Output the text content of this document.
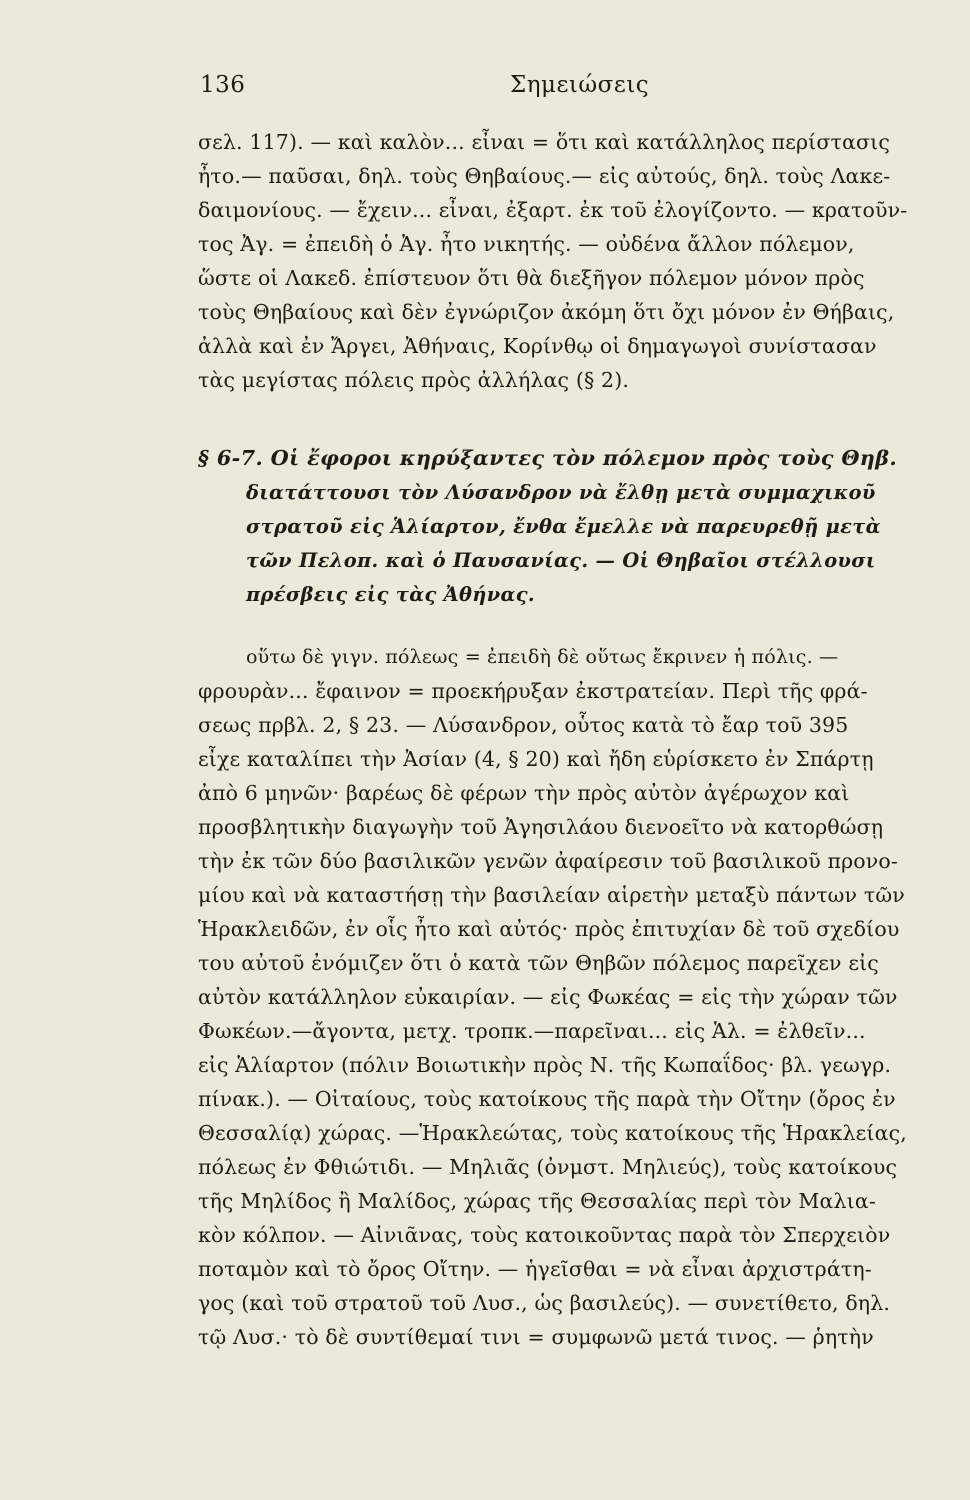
136	Σημειώσεις
σελ. 117). — καὶ καλὸν... εἶναι = ὅτι καὶ κατάλληλος περίστασις
ἦτο.— παῦσαι, δηλ. τοὺς Θηβαίους.— εἰς αὐτούς, δηλ. τοὺς Λακε-
δαιμονίους. — ἔχειν... εἶναι, ἐξαρτ. ἐκ τοῦ ἐλογίζοντο. — κρατοῦν-
τος Ἀγ. = ἐπειδὴ ὁ Ἀγ. ἦτο νικητής. — οὐδένα ἄλλον πόλεμον,
ὥστε οἱ Λακεδ. ἐπίστευον ὅτι θὰ διεξῆγον πόλεμον μόνον πρὸς
τοὺς Θηβαίους καὶ δὲν ἐγνώριζον ἀκόμη ὅτι ὄχι μόνον ἐν Θήβαις,
ἀλλὰ καὶ ἐν Ἄργει, Ἀθήναις, Κορίνθῳ οἱ δημαγωγοὶ συνίστασαν
τὰς μεγίστας πόλεις πρὸς ἀλλήλας (§ 2).
§ 6-7. Οἱ ἔφοροι κηρύξαντες τὸν πόλεμον πρὸς τοὺς Θηβ.
διατάττουσι τὸν Λύσανδρον νὰ ἔλθῃ μετὰ συμμαχικοῦ
στρατοῦ εἰς Ἁλίαρτον, ἔνθα ἔμελλε νὰ παρευρεθῇ μετὰ
τῶν Πελοπ. καὶ ὁ Παυσανίας. — Οἱ Θηβαῖοι στέλλουσι
πρέσβεις εἰς τὰς Ἀθήνας.
οὕτω δὲ γιγν. πόλεως = ἐπειδὴ δὲ οὕτως ἔκρινεν ἡ πόλις. —
φρουρὰν... ἔφαινον = προεκήρυξαν ἐκστρατείαν. Περὶ τῆς φρά-
σεως πρβλ. 2, § 23. — Λύσανδρον, οὗτος κατὰ τὸ ἔαρ τοῦ 395
εἶχε καταλίπει τὴν Ἀσίαν (4, § 20) καὶ ἤδη εὑρίσκετο ἐν Σπάρτῃ
ἀπὸ 6 μηνῶν· βαρέως δὲ φέρων τὴν πρὸς αὐτὸν ἀγέρωχον καὶ
προσβλητικὴν διαγωγὴν τοῦ Ἀγησιλάου διενοεῖτο νὰ κατορθώσῃ
τὴν ἐκ τῶν δύο βασιλικῶν γενῶν ἀφαίρεσιν τοῦ βασιλικοῦ προνο-
μίου καὶ νὰ καταστήσῃ τὴν βασιλείαν αἱρετὴν μεταξὺ πάντων τῶν
Ἡρακλειδῶν, ἐν οἷς ἦτο καὶ αὐτός· πρὸς ἐπιτυχίαν δὲ τοῦ σχεδίου
του αὐτοῦ ἐνόμιζεν ὅτι ὁ κατὰ τῶν Θηβῶν πόλεμος παρεῖχεν εἰς
αὐτὸν κατάλληλον εὐκαιρίαν. — εἰς Φωκέας = εἰς τὴν χώραν τῶν
Φωκέων.—ἄγοντα, μετχ. τροπκ.—παρεῖναι... εἰς Ἁλ. = ἐλθεῖν...
εἰς Ἁλίαρτον (πόλιν Βοιωτικὴν πρὸς Ν. τῆς Κωπαΐδος· βλ. γεωγρ.
πίνακ.). — Οἰταίους, τοὺς κατοίκους τῆς παρὰ τὴν Οἴτην (ὄρος ἐν
Θεσσαλίᾳ) χώρας. —Ἡρακλεώτας, τοὺς κατοίκους τῆς Ἡρακλείας,
πόλεως ἐν Φθιώτιδι. — Μηλιᾶς (ὀνμστ. Μηλιεύς), τοὺς κατοίκους
τῆς Μηλίδος ἢ Μαλίδος, χώρας τῆς Θεσσαλίας περὶ τὸν Μαλια-
κὸν κόλπον. — Αἰνιᾶνας, τοὺς κατοικοῦντας παρὰ τὸν Σπερχειὸν
ποταμὸν καὶ τὸ ὄρος Οἴτην. — ἡγεῖσθαι = νὰ εἶναι ἀρχιστράτη-
γος (καὶ τοῦ στρατοῦ τοῦ Λυσ., ὡς βασιλεύς). — συνετίθετο, δηλ.
τῷ Λυσ.· τὸ δὲ συντίθεμαί τινι = συμφωνῶ μετά τινος. — ῥητὴν
